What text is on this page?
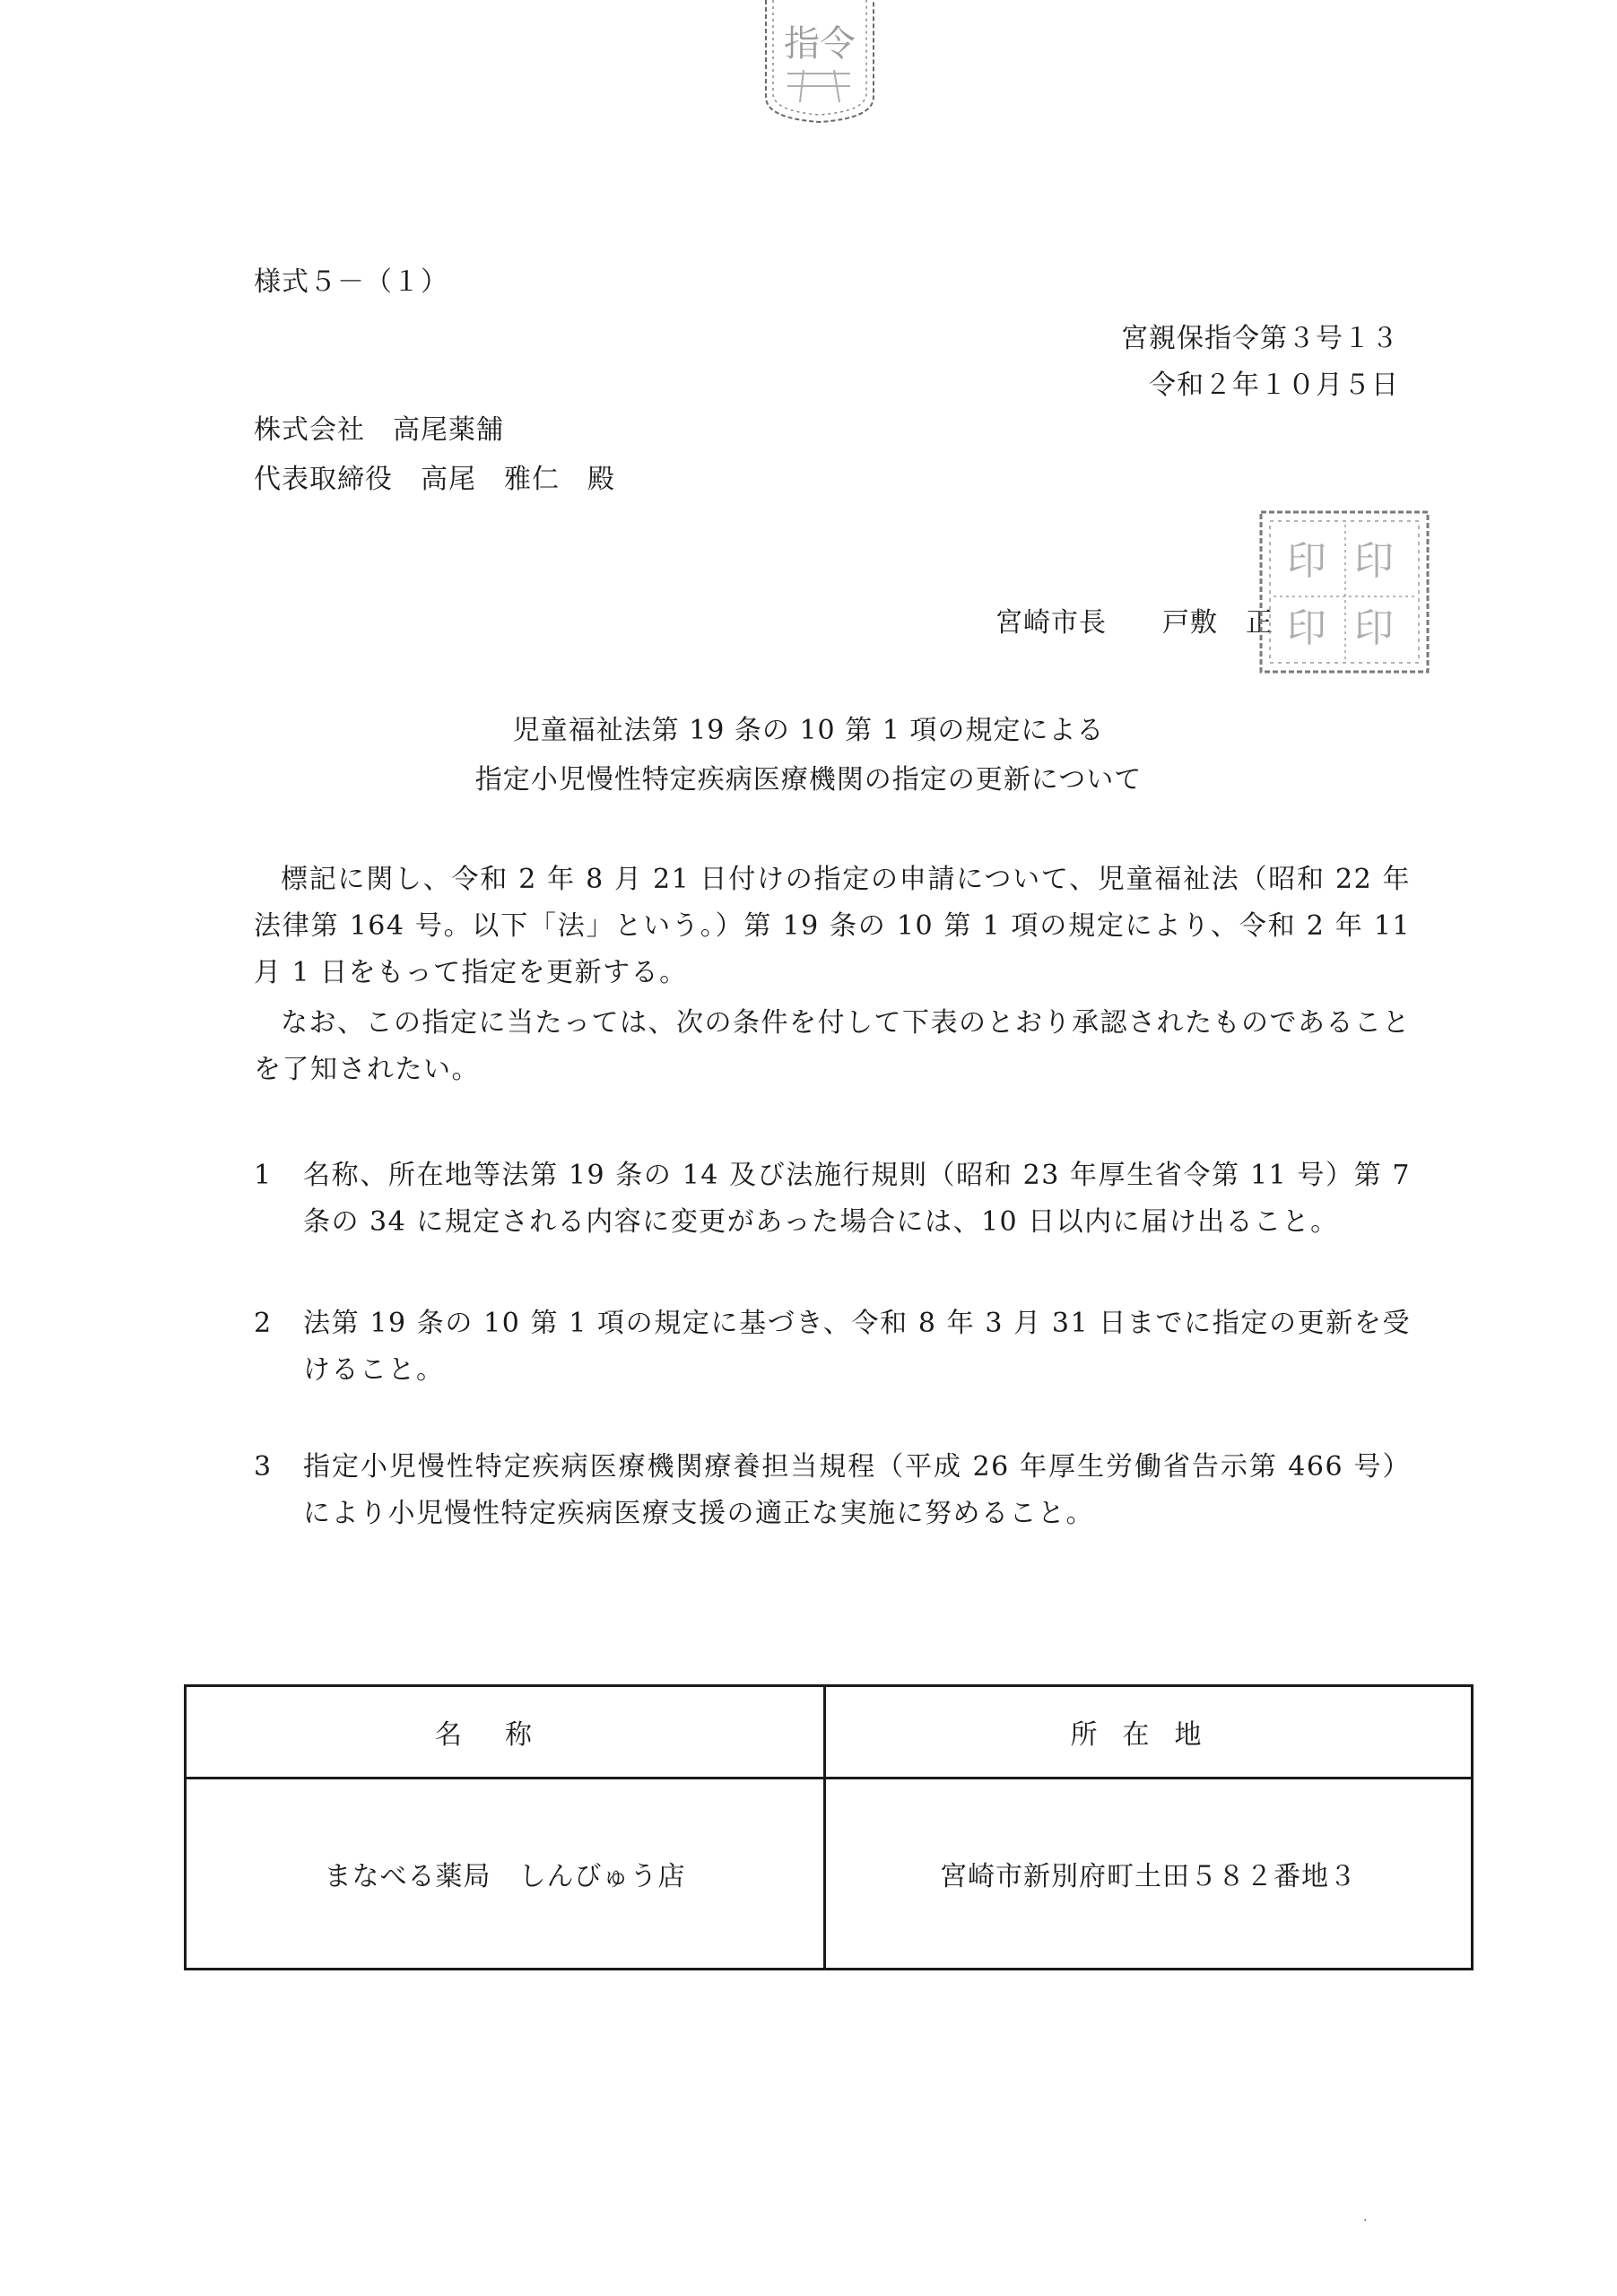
指令
様式５－（１）
宮親保指令第３号１３
令和２年１０月５日
株式会社　高尾薬舗
代表取締役　高尾　雅仁　殿
宮崎市長　　戸敷　正
印 印
印 印
児童福祉法第 19 条の 10 第 1 項の規定による
指定小児慢性特定疾病医療機関の指定の更新について
標記に関し、令和 2 年 8 月 21 日付けの指定の申請について、児童福祉法（昭和 22 年法律第 164 号。以下「法」という。）第 19 条の 10 第 1 項の規定により、令和 2 年 11 月 1 日をもって指定を更新する。
なお、この指定に当たっては、次の条件を付して下表のとおり承認されたものであることを了知されたい。
1	名称、所在地等法第 19 条の 14 及び法施行規則（昭和 23 年厚生省令第 11 号）第 7 条の 34 に規定される内容に変更があった場合には、10 日以内に届け出ること。
2	法第 19 条の 10 第 1 項の規定に基づき、令和 8 年 3 月 31 日までに指定の更新を受けること。
3	指定小児慢性特定疾病医療機関療養担当規程（平成 26 年厚生労働省告示第 466 号）により小児慢性特定疾病医療支援の適正な実施に努めること。
名称	所在地
まなべる薬局　しんびゅう店	宮崎市新別府町土田５８２番地３
·
